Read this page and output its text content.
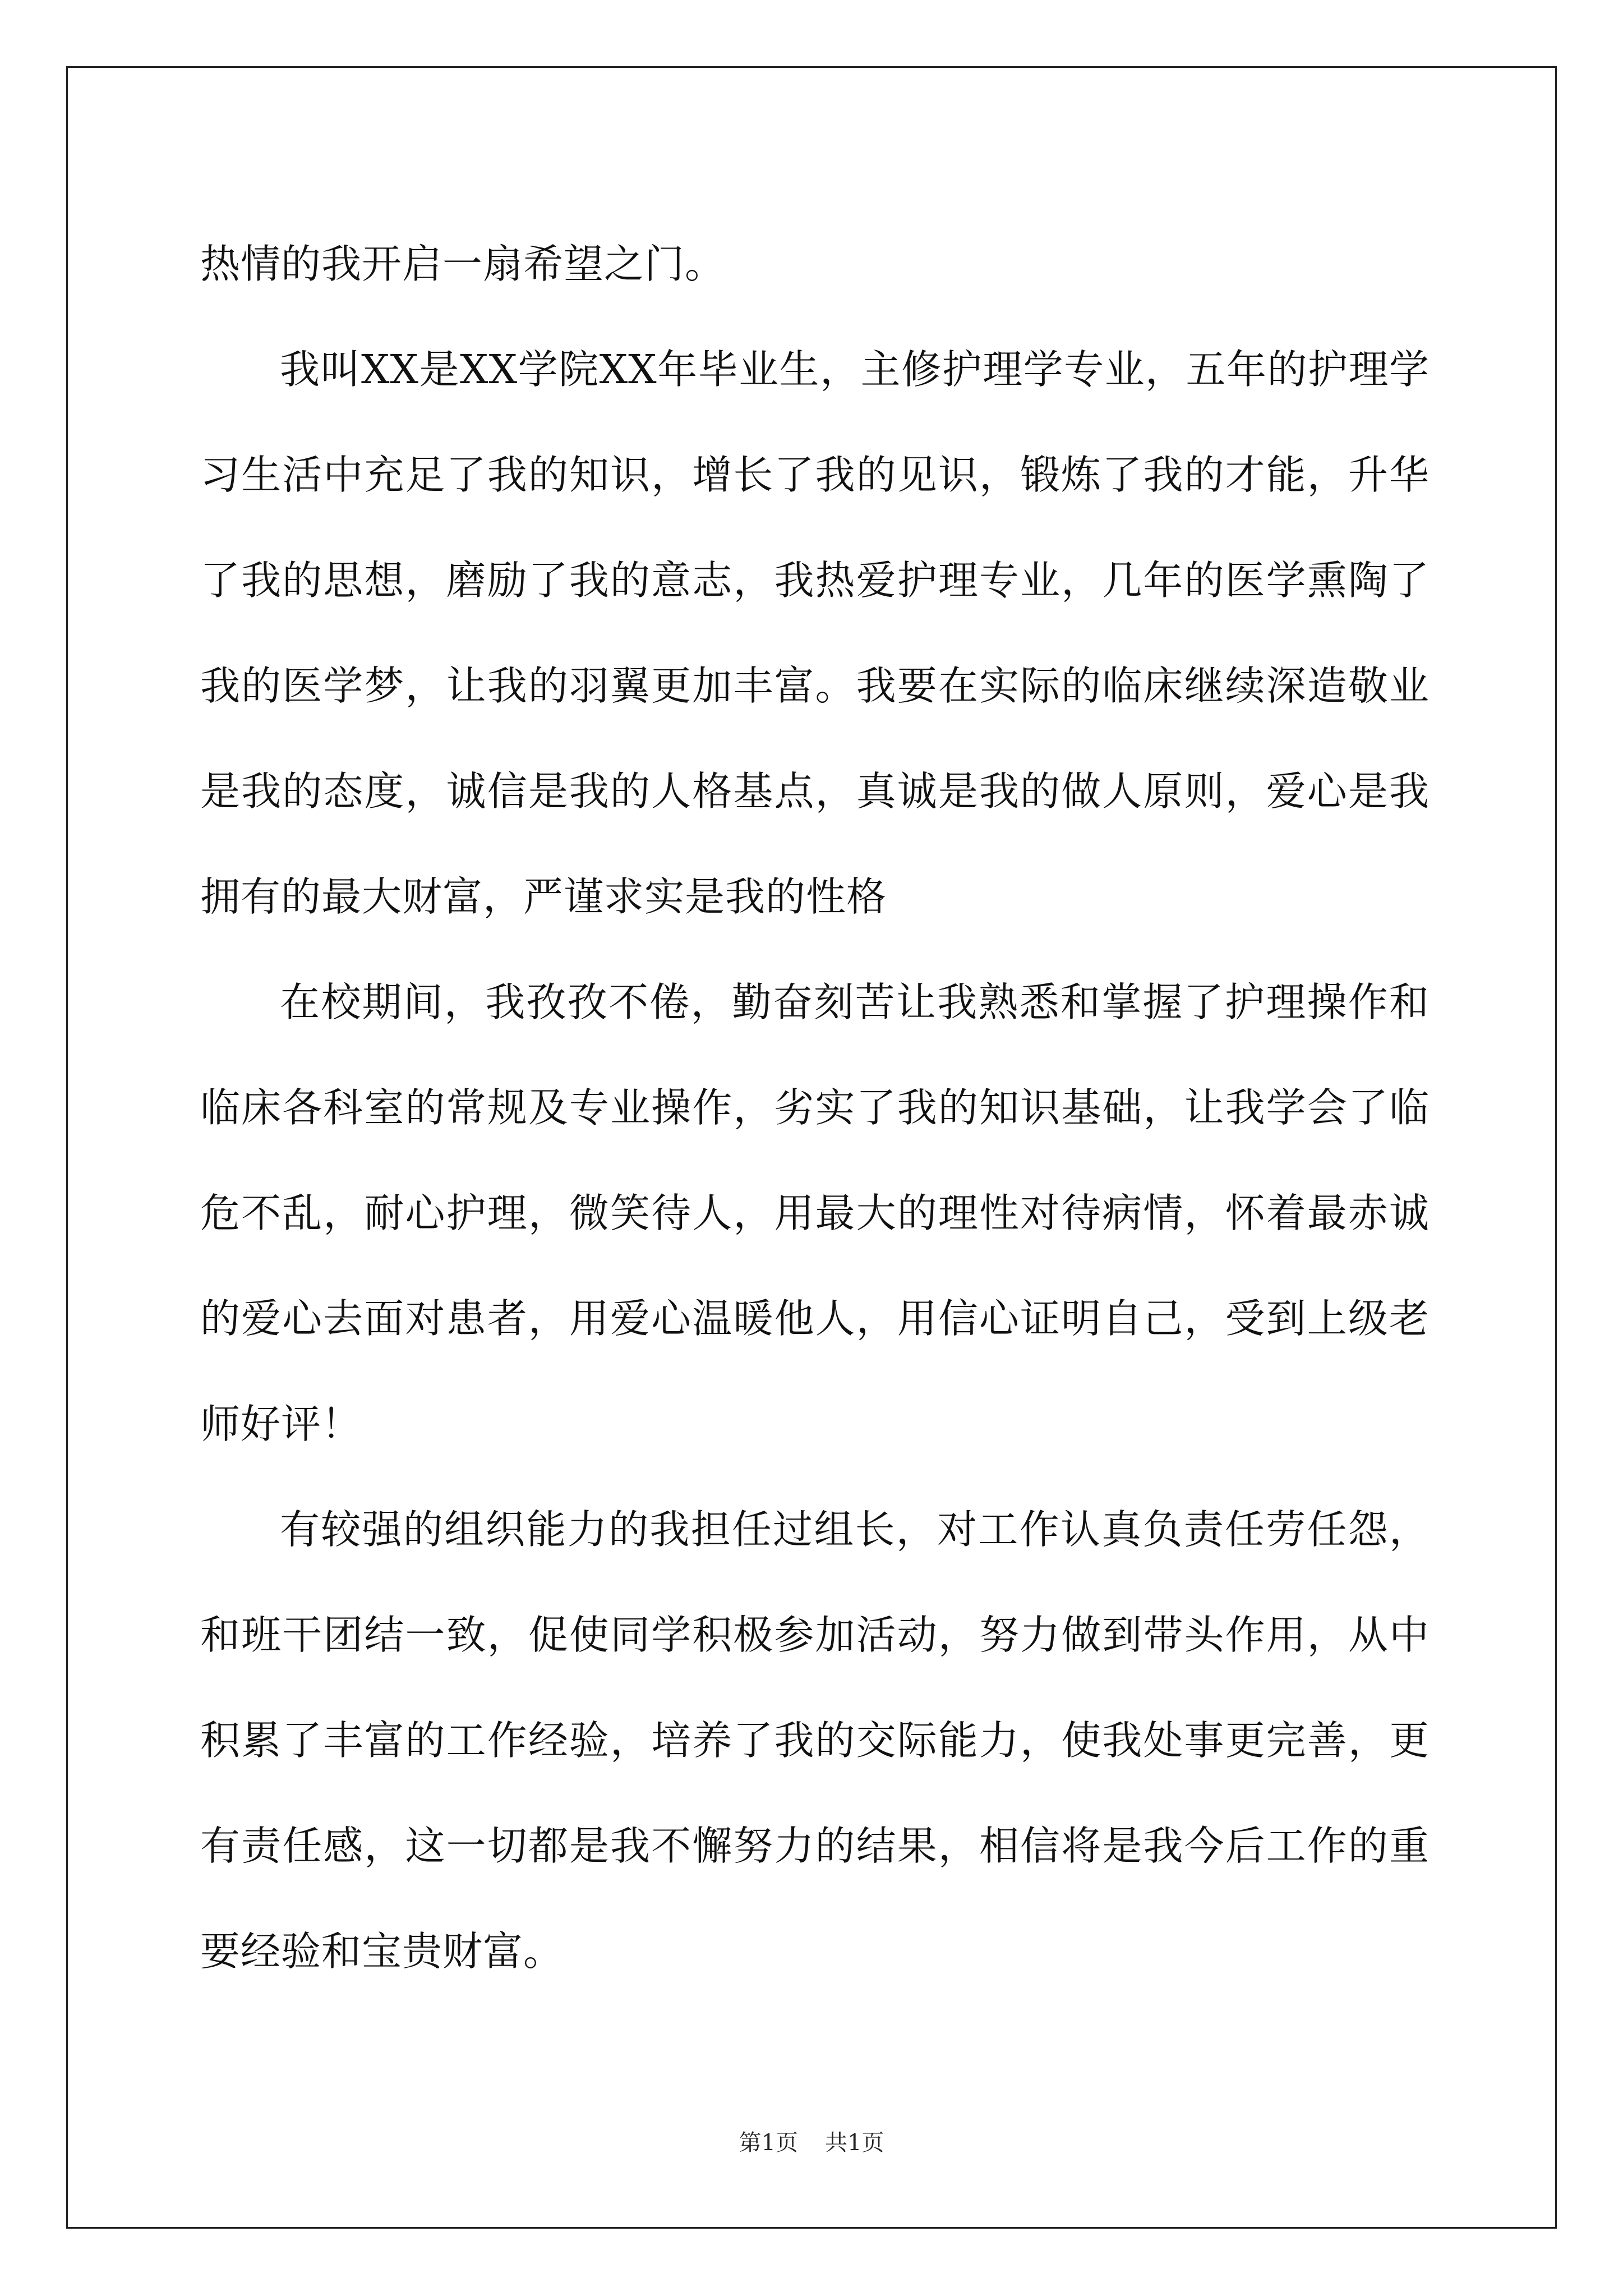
热情的我开启一扇希望之门。

我叫XX是XX学院XX年毕业生，主修护理学专业，五年的护理学习生活中充足了我的知识，增长了我的见识，锻炼了我的才能，升华了我的思想，磨励了我的意志，我热爱护理专业，几年的医学熏陶了我的医学梦，让我的羽翼更加丰富。我要在实际的临床继续深造敬业是我的态度，诚信是我的人格基点，真诚是我的做人原则，爱心是我拥有的最大财富，严谨求实是我的性格

在校期间，我孜孜不倦，勤奋刻苦让我熟悉和掌握了护理操作和临床各科室的常规及专业操作，劣实了我的知识基础，让我学会了临危不乱，耐心护理，微笑待人，用最大的理性对待病情，怀着最赤诚的爱心去面对患者，用爱心温暖他人，用信心证明自己，受到上级老师好评！

有较强的组织能力的我担任过组长，对工作认真负责任劳任怨，和班干团结一致，促使同学积极参加活动，努力做到带头作用，从中积累了丰富的工作经验，培养了我的交际能力，使我处事更完善，更有责任感，这一切都是我不懈努力的结果，相信将是我今后工作的重要经验和宝贵财富。

第1页 共1页
